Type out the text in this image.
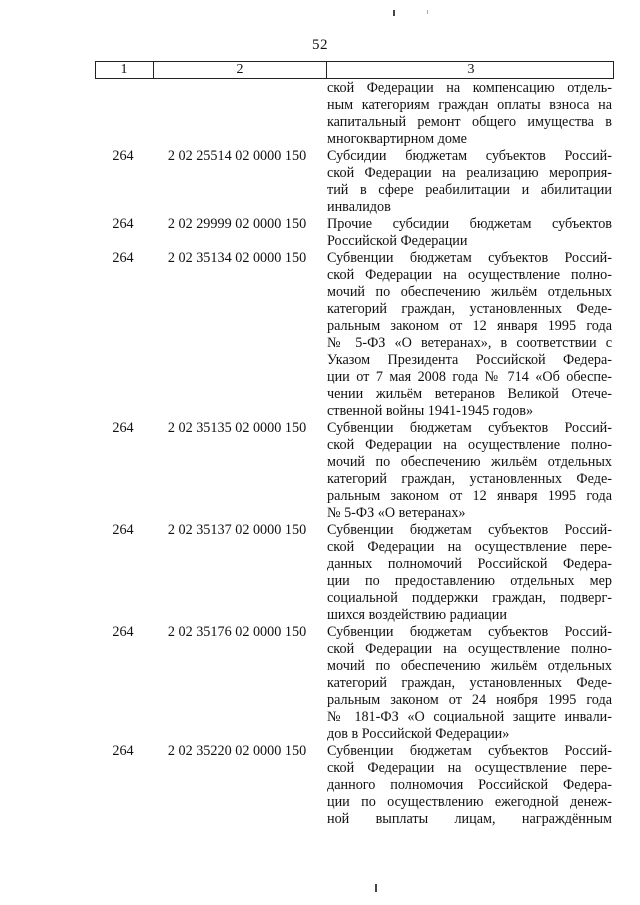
52
1	2	3
ской Федерации на компенсацию отдель-
ным категориям граждан оплаты взноса на
капитальный ремонт общего имущества в
многоквартирном доме
264	2 02 25514 02 0000 150	Субсидии бюджетам субъектов Россий-
ской Федерации на реализацию мероприя-
тий в сфере реабилитации и абилитации
инвалидов
264	2 02 29999 02 0000 150	Прочие субсидии бюджетам субъектов
Российской Федерации
264	2 02 35134 02 0000 150	Субвенции бюджетам субъектов Россий-
ской Федерации на осуществление полно-
мочий по обеспечению жильём отдельных
категорий граждан, установленных Феде-
ральным законом от 12 января 1995 года
№ 5-ФЗ «О ветеранах», в соответствии с
Указом Президента Российской Федера-
ции от 7 мая 2008 года № 714 «Об обеспе-
чении жильём ветеранов Великой Отече-
ственной войны 1941-1945 годов»
264	2 02 35135 02 0000 150	Субвенции бюджетам субъектов Россий-
ской Федерации на осуществление полно-
мочий по обеспечению жильём отдельных
категорий граждан, установленных Феде-
ральным законом от 12 января 1995 года
№ 5-ФЗ «О ветеранах»
264	2 02 35137 02 0000 150	Субвенции бюджетам субъектов Россий-
ской Федерации на осуществление пере-
данных полномочий Российской Федера-
ции по предоставлению отдельных мер
социальной поддержки граждан, подверг-
шихся воздействию радиации
264	2 02 35176 02 0000 150	Субвенции бюджетам субъектов Россий-
ской Федерации на осуществление полно-
мочий по обеспечению жильём отдельных
категорий граждан, установленных Феде-
ральным законом от 24 ноября 1995 года
№ 181-ФЗ «О социальной защите инвали-
дов в Российской Федерации»
264	2 02 35220 02 0000 150	Субвенции бюджетам субъектов Россий-
ской Федерации на осуществление пере-
данного полномочия Российской Федера-
ции по осуществлению ежегодной денеж-
ной выплаты лицам, награждённым
